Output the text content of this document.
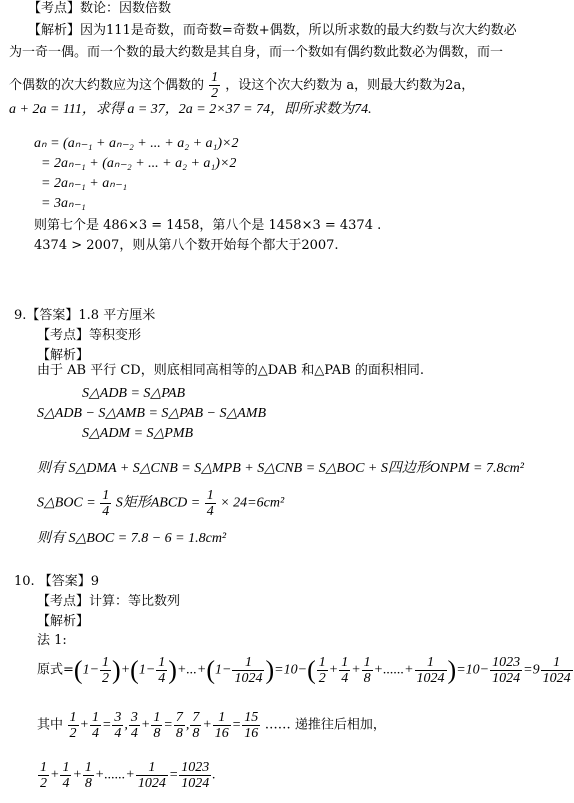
【考点】数论：因数倍数
【解析】因为111是奇数，而奇数=奇数+偶数，所以所求数的最大约数与次大约数必
为一奇一偶。而一个数的最大约数是其自身，而一个数如有偶约数此数必为偶数，而一
个偶数的次大约数应为这个偶数的 $\frac{1}{2}$ ，设这个次大约数为 a，则最大约数为2a，
a + 2a = 111，求得 a = 37，2a = 2×37 = 74，即所求数为74.
aₙ = (aₙ₋₁ + aₙ₋₂ + ... + a₂ + a₁)×2
= 2aₙ₋₁ + (aₙ₋₂ + ... + a₂ + a₁)×2
= 2aₙ₋₁ + aₙ₋₁
= 3aₙ₋₁
则第七个是 486×3 = 1458，第八个是 1458×3 = 4374 .
4374 > 2007，则从第八个数开始每个都大于2007.
9.【答案】1.8 平方厘米
【考点】等积变形
【解析】
由于 AB 平行 CD，则底相同高相等的△DAB 和△PAB 的面积相同.
S△ADB = S△PAB
S△ADB − S△AMB = S△PAB − S△AMB
S△ADM = S△PMB
则有 S△DMA + S△CNB = S△MPB + S△CNB = S△BOC + S四边形ONPM = 7.8cm²
S△BOC = $\frac{1}{4}$ S矩形ABCD = $\frac{1}{4} \times 24=6cm^2$
则有 S△BOC = 7.8 − 6 = 1.8cm²
10. 【答案】9
【考点】计算：等比数列
【解析】
法 1:
原式$=(1- \frac{1}{2} )+(1- \frac{1}{4} )+...+(1- \frac{1}{1024} )=10-( \frac{1}{2} + \frac{1}{4} + \frac{1}{8}$ +......+ $\frac{1}{1024} )=10- \frac{1023}{1024} =9 \frac{1}{1024}$
其中 $\frac{1}{2} + \frac{1}{4} = \frac{3}{4}$ , $\frac{3}{4} + \frac{1}{8} = \frac{7}{8}$ , $\frac{7}{8} + \frac{1}{16} = \frac{15}{16}$ …… 递推往后相加，
$\frac{1}{2} + \frac{1}{4} + \frac{1}{8}$ +......+ $\frac{1}{1024} = \frac{1023}{1024}$ .
